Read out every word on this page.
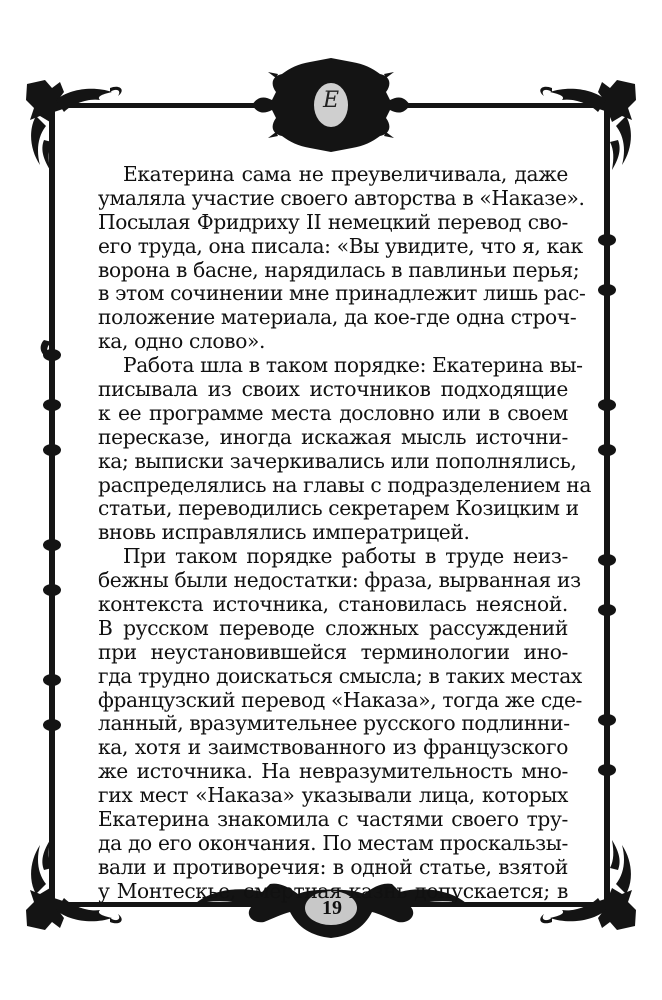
Е
Екатерина сама не преувеличивала, даже
умаляла участие своего авторства в «Наказе».
Посылая Фридриху II немецкий перевод сво-
его труда, она писала: «Вы увидите, что я, как
ворона в басне, нарядилась в павлиньи перья;
в этом сочинении мне принадлежит лишь рас-
положение материала, да кое-где одна строч-
ка, одно слово».
Работа шла в таком порядке: Екатерина вы-
писывала из своих источников подходящие
к ее программе места дословно или в своем
пересказе, иногда искажая мысль источни-
ка; выписки зачеркивались или пополнялись,
распределялись на главы с подразделением на
статьи, переводились секретарем Козицким и
вновь исправлялись императрицей.
При таком порядке работы в труде неиз-
бежны были недостатки: фраза, вырванная из
контекста источника, становилась неясной.
В русском переводе сложных рассуждений
при неустановившейся терминологии ино-
гда трудно доискаться смысла; в таких местах
французский перевод «Наказа», тогда же сде-
ланный, вразумительнее русского подлинни-
ка, хотя и заимствованного из французского
же источника. На невразумительность мно-
гих мест «Наказа» указывали лица, которых
Екатерина знакомила с частями своего тру-
да до его окончания. По местам проскальзы-
вали и противоречия: в одной статье, взятой
у Монтескье, смертная казнь допускается; в
19
